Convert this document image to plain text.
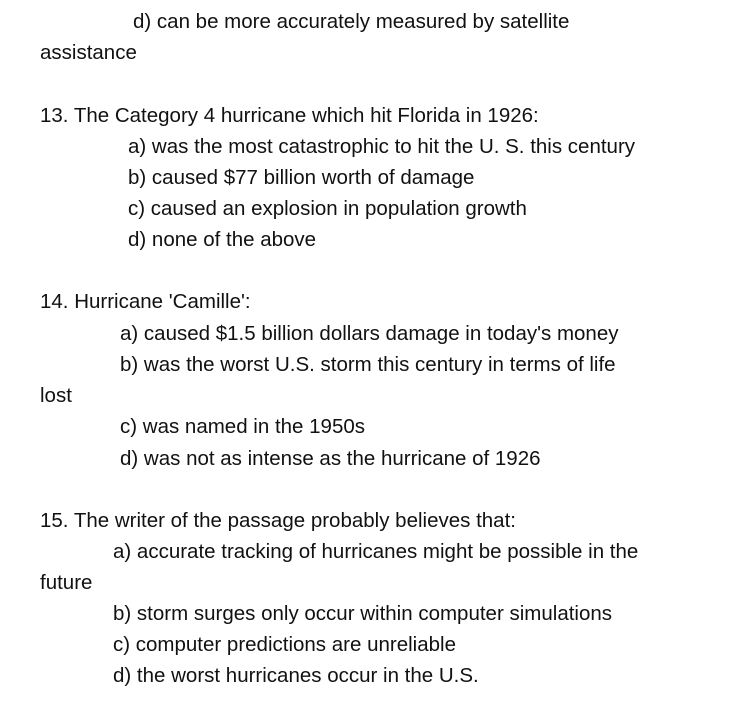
d) can be more accurately measured by satellite
assistance
13. The Category 4 hurricane which hit Florida in 1926:
a) was the most catastrophic to hit the U. S. this century
b) caused $77 billion worth of damage
c) caused an explosion in population growth
d) none of the above
14. Hurricane 'Camille':
a) caused $1.5 billion dollars damage in today's money
b) was the worst U.S. storm this century in terms of life
lost
c) was named in the 1950s
d) was not as intense as the hurricane of 1926
15. The writer of the passage probably believes that:
a) accurate tracking of hurricanes might be possible in the
future
b) storm surges only occur within computer simulations
c) computer predictions are unreliable
d) the worst hurricanes occur in the U.S.
